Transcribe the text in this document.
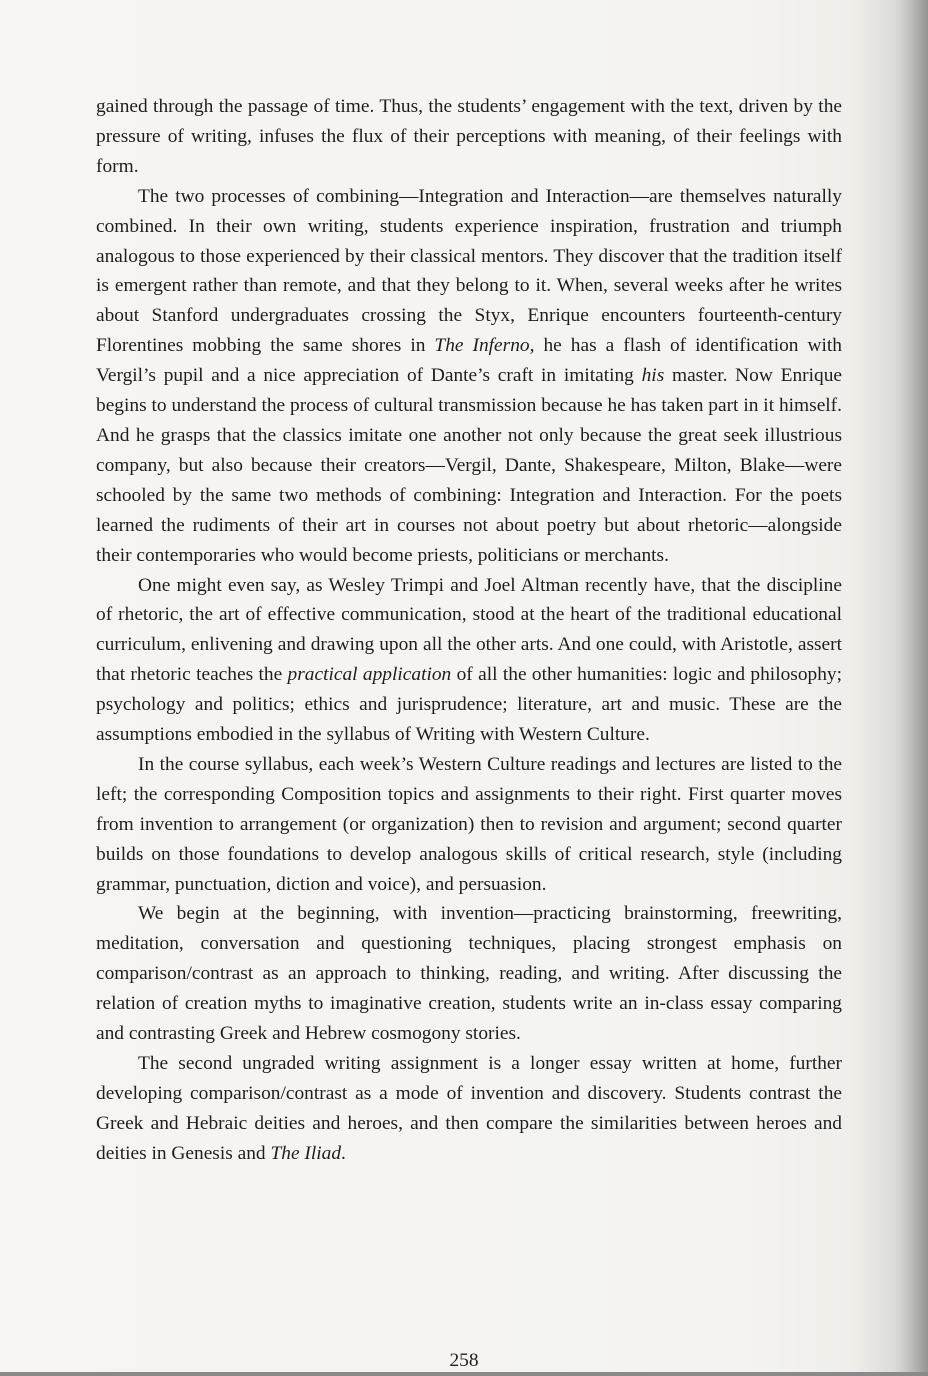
gained through the passage of time. Thus, the students’ engagement with the text, driven by the pressure of writing, infuses the flux of their perceptions with meaning, of their feelings with form.

The two processes of combining—Integration and Interaction—are themselves naturally combined. In their own writing, students experience inspiration, frustration and triumph analogous to those experienced by their classical mentors. They discover that the tradition itself is emergent rather than remote, and that they belong to it. When, several weeks after he writes about Stanford undergraduates crossing the Styx, Enrique encounters fourteenth-century Florentines mobbing the same shores in The Inferno, he has a flash of identification with Vergil’s pupil and a nice appreciation of Dante’s craft in imitating his master. Now Enrique begins to understand the process of cultural transmission because he has taken part in it himself. And he grasps that the classics imitate one another not only because the great seek illustrious company, but also because their creators—Vergil, Dante, Shakespeare, Milton, Blake—were schooled by the same two methods of combining: Integration and Interaction. For the poets learned the rudiments of their art in courses not about poetry but about rhetoric—alongside their contemporaries who would become priests, politicians or merchants.

One might even say, as Wesley Trimpi and Joel Altman recently have, that the discipline of rhetoric, the art of effective communication, stood at the heart of the traditional educational curriculum, enlivening and drawing upon all the other arts. And one could, with Aristotle, assert that rhetoric teaches the practical application of all the other humanities: logic and philosophy; psychology and politics; ethics and jurisprudence; literature, art and music. These are the assumptions embodied in the syllabus of Writing with Western Culture.

In the course syllabus, each week’s Western Culture readings and lectures are listed to the left; the corresponding Composition topics and assignments to their right. First quarter moves from invention to arrangement (or organization) then to revision and argument; second quarter builds on those foundations to develop analogous skills of critical research, style (including grammar, punctuation, diction and voice), and persuasion.

We begin at the beginning, with invention—practicing brainstorming, freewriting, meditation, conversation and questioning techniques, placing strongest emphasis on comparison/contrast as an approach to thinking, reading, and writing. After discussing the relation of creation myths to imaginative creation, students write an in-class essay comparing and contrasting Greek and Hebrew cosmogony stories.

The second ungraded writing assignment is a longer essay written at home, further developing comparison/contrast as a mode of invention and discovery. Students contrast the Greek and Hebraic deities and heroes, and then compare the similarities between heroes and deities in Genesis and The Iliad.

258
